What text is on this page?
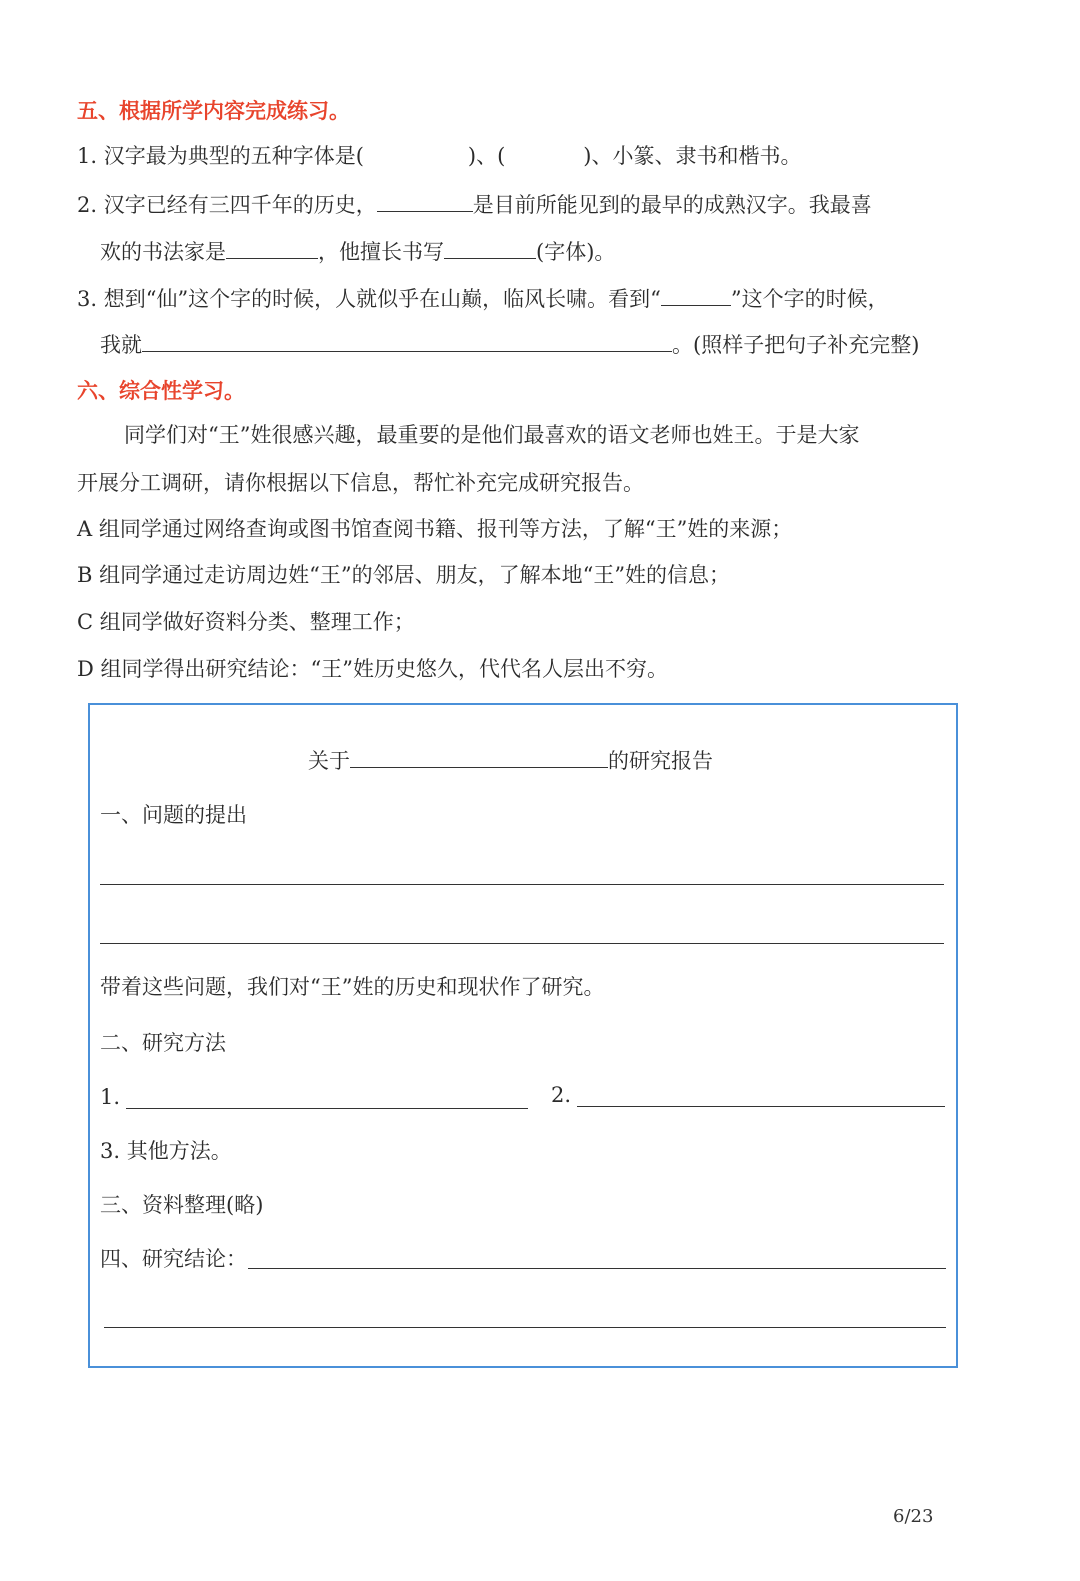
五、根据所学内容完成练习。
1. 汉字最为典型的五种字体是(	)、(	)、小篆、隶书和楷书。
2. 汉字已经有三四千年的历史，	是目前所能见到的最早的成熟汉字。我最喜
欢的书法家是	，他擅长书写	(字体)。
3. 想到“仙”这个字的时候，人就似乎在山巅，临风长啸。看到“	”这个字的时候，
我就	。(照样子把句子补充完整)
六、综合性学习。
同学们对“王”姓很感兴趣，最重要的是他们最喜欢的语文老师也姓王。于是大家
开展分工调研，请你根据以下信息，帮忙补充完成研究报告。
A 组同学通过网络查询或图书馆查阅书籍、报刊等方法，了解“王”姓的来源；
B 组同学通过走访周边姓“王”的邻居、朋友，了解本地“王”姓的信息；
C 组同学做好资料分类、整理工作；
D 组同学得出研究结论：“王”姓历史悠久，代代名人层出不穷。
关于	的研究报告
一、问题的提出
带着这些问题，我们对“王”姓的历史和现状作了研究。
二、研究方法
1.	2.
3. 其他方法。
三、资料整理(略)
四、研究结论：
6/23
